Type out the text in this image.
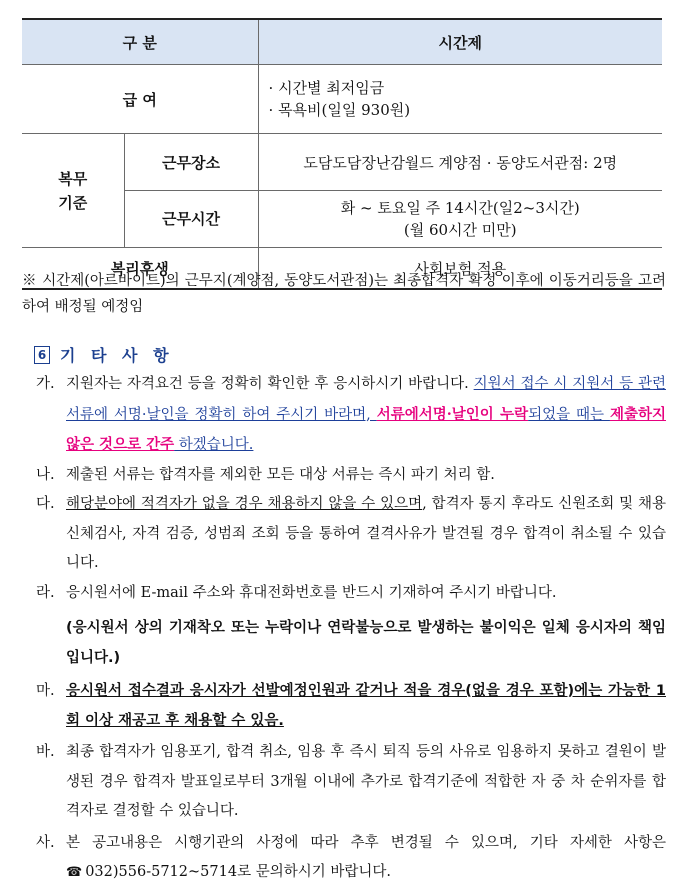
구 분		시간제
급 여		· 시간별 최저임금
· 목욕비(일일 930원)

복무
기준	근무장소	도담도담장난감월드 계양점 · 동양도서관점: 2명
	근무시간	화 ~ 토요일 주 14시간(일2~3시간)
(월 60시간 미만)

복리후생		사회보험 적용
※ 시간제(아르바이트)의 근무지(계양점, 동양도서관점)는 최종합격자 확정 이후에 이동거리등을 고려하여 배정될 예정임
6 기 타 사 항
가. 지원자는 자격요건 등을 정확히 확인한 후 응시하시기 바랍니다. 지원서 접수 시 지원서 등 관련 서류에 서명·날인을 정확히 하여 주시기 바라며, 서류에서명·날인이 누락되었을 때는 제출하지 않은 것으로 간주 하겠습니다.
나. 제출된 서류는 합격자를 제외한 모든 대상 서류는 즉시 파기 처리 함.
다. 해당분야에 적격자가 없을 경우 채용하지 않을 수 있으며, 합격자 통지 후라도 신원조회 및 채용신체검사, 자격 검증, 성범죄 조회 등을 통하여 결격사유가 발견될 경우 합격이 취소될 수 있습니다.
라. 응시원서에 E-mail 주소와 휴대전화번호를 반드시 기재하여 주시기 바랍니다.
(응시원서 상의 기재착오 또는 누락이나 연락불능으로 발생하는 불이익은 일체 응시자의 책임입니다.)
마. 응시원서 접수결과 응시자가 선발예정인원과 같거나 적을 경우(없을 경우 포함)에는 가능한 1회 이상 재공고 후 채용할 수 있음.
바. 최종 합격자가 임용포기, 합격 취소, 임용 후 즉시 퇴직 등의 사유로 임용하지 못하고 결원이 발생된 경우 합격자 발표일로부터 3개월 이내에 추가로 합격기준에 적합한 자 중 차 순위자를 합격자로 결정할 수 있습니다.
사. 본 공고내용은 시행기관의 사정에 따라 추후 변경될 수 있으며, 기타 자세한 사항은 ☎ 032)556-5712~5714로 문의하시기 바랍니다.
